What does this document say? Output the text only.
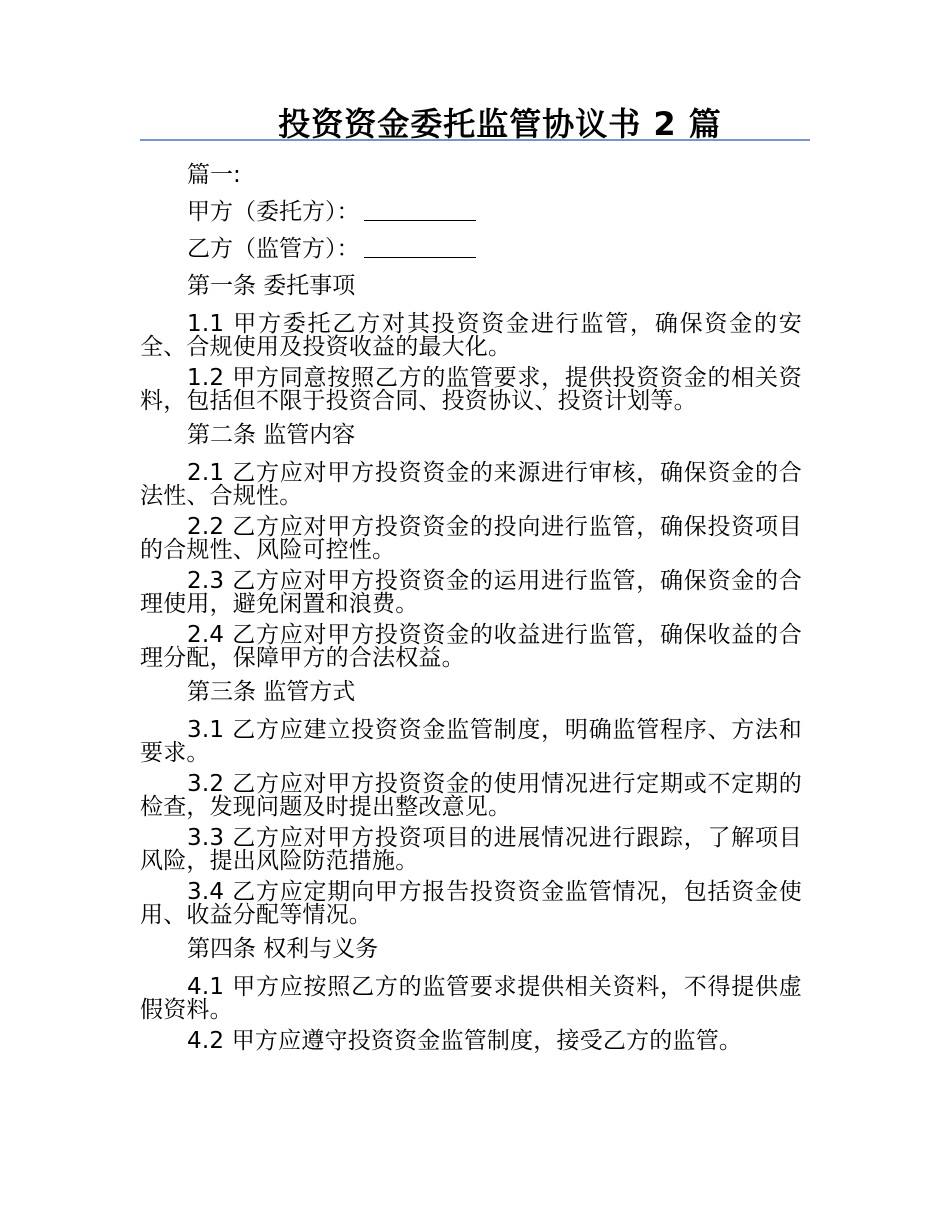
投资资金委托监管协议书 2 篇
篇一:
甲方（委托方）：
乙方（监管方）：
第一条 委托事项
1.1 甲方委托乙方对其投资资金进行监管，确保资金的安全、合规使用及投资收益的最大化。
1.2 甲方同意按照乙方的监管要求，提供投资资金的相关资料，包括但不限于投资合同、投资协议、投资计划等。
第二条 监管内容
2.1 乙方应对甲方投资资金的来源进行审核，确保资金的合法性、合规性。
2.2 乙方应对甲方投资资金的投向进行监管，确保投资项目的合规性、风险可控性。
2.3 乙方应对甲方投资资金的运用进行监管，确保资金的合理使用，避免闲置和浪费。
2.4 乙方应对甲方投资资金的收益进行监管，确保收益的合理分配，保障甲方的合法权益。
第三条 监管方式
3.1 乙方应建立投资资金监管制度，明确监管程序、方法和要求。
3.2 乙方应对甲方投资资金的使用情况进行定期或不定期的检查，发现问题及时提出整改意见。
3.3 乙方应对甲方投资项目的进展情况进行跟踪，了解项目风险，提出风险防范措施。
3.4 乙方应定期向甲方报告投资资金监管情况，包括资金使用、收益分配等情况。
第四条 权利与义务
4.1 甲方应按照乙方的监管要求提供相关资料，不得提供虚假资料。
4.2 甲方应遵守投资资金监管制度，接受乙方的监管。
